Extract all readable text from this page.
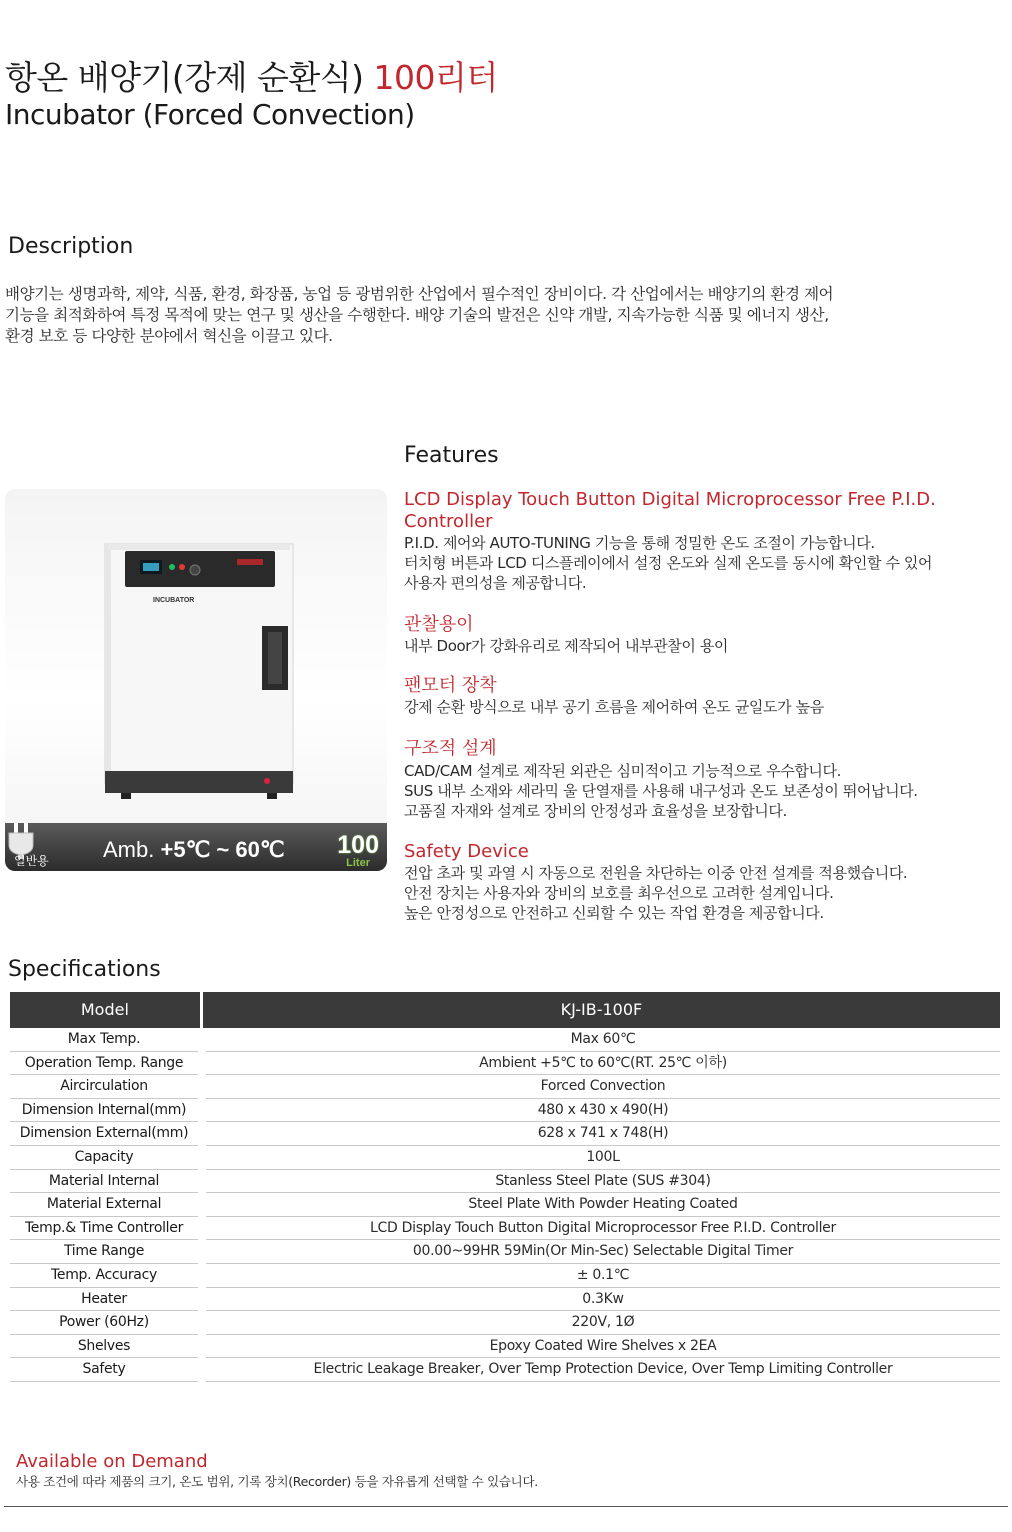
항온 배양기(강제 순환식) 100리터
Incubator (Forced Convection)
Description
배양기는 생명과학, 제약, 식품, 환경, 화장품, 농업 등 광범위한 산업에서 필수적인 장비이다. 각 산업에서는 배양기의 환경 제어
기능을 최적화하여 특정 목적에 맞는 연구 및 생산을 수행한다. 배양 기술의 발전은 신약 개발, 지속가능한 식품 및 에너지 생산,
환경 보호 등 다양한 분야에서 혁신을 이끌고 있다.
INCUBATOR
일반용 Amb. +5℃ ~ 60℃ 100
Liter
Features
LCD Display Touch Button Digital Microprocessor Free P.I.D.
Controller
P.I.D. 제어와 AUTO-TUNING 기능을 통해 정밀한 온도 조절이 가능합니다.
터치형 버튼과 LCD 디스플레이에서 설정 온도와 실제 온도를 동시에 확인할 수 있어
사용자 편의성을 제공합니다.
관찰용이
내부 Door가 강화유리로 제작되어 내부관찰이 용이
팬모터 장착
강제 순환 방식으로 내부 공기 흐름을 제어하여 온도 균일도가 높음
구조적 설계
CAD/CAM 설계로 제작된 외관은 심미적이고 기능적으로 우수합니다.
SUS 내부 소재와 세라믹 울 단열재를 사용해 내구성과 온도 보존성이 뛰어납니다.
고품질 자재와 설계로 장비의 안정성과 효율성을 보장합니다.
Safety Device
전압 초과 및 과열 시 자동으로 전원을 차단하는 이중 안전 설계를 적용했습니다.
안전 장치는 사용자와 장비의 보호를 최우선으로 고려한 설계입니다.
높은 안정성으로 안전하고 신뢰할 수 있는 작업 환경을 제공합니다.
Specifications
Model	KJ-IB-100F
Max Temp.	Max 60℃
Operation Temp. Range	Ambient +5℃ to 60℃(RT. 25℃ 이하)
Aircirculation	Forced Convection
Dimension Internal(mm)	480 x 430 x 490(H)
Dimension External(mm)	628 x 741 x 748(H)
Capacity	100L
Material Internal	Stanless Steel Plate (SUS #304)
Material External	Steel Plate With Powder Heating Coated
Temp.& Time Controller	LCD Display Touch Button Digital Microprocessor Free P.I.D. Controller
Time Range	00.00~99HR 59Min(Or Min-Sec) Selectable Digital Timer
Temp. Accuracy	± 0.1℃
Heater	0.3Kw
Power (60Hz)	220V, 1Ø
Shelves	Epoxy Coated Wire Shelves x 2EA
Safety	Electric Leakage Breaker, Over Temp Protection Device, Over Temp Limiting Controller
Available on Demand
사용 조건에 따라 제품의 크기, 온도 범위, 기록 장치(Recorder) 등을 자유롭게 선택할 수 있습니다.
